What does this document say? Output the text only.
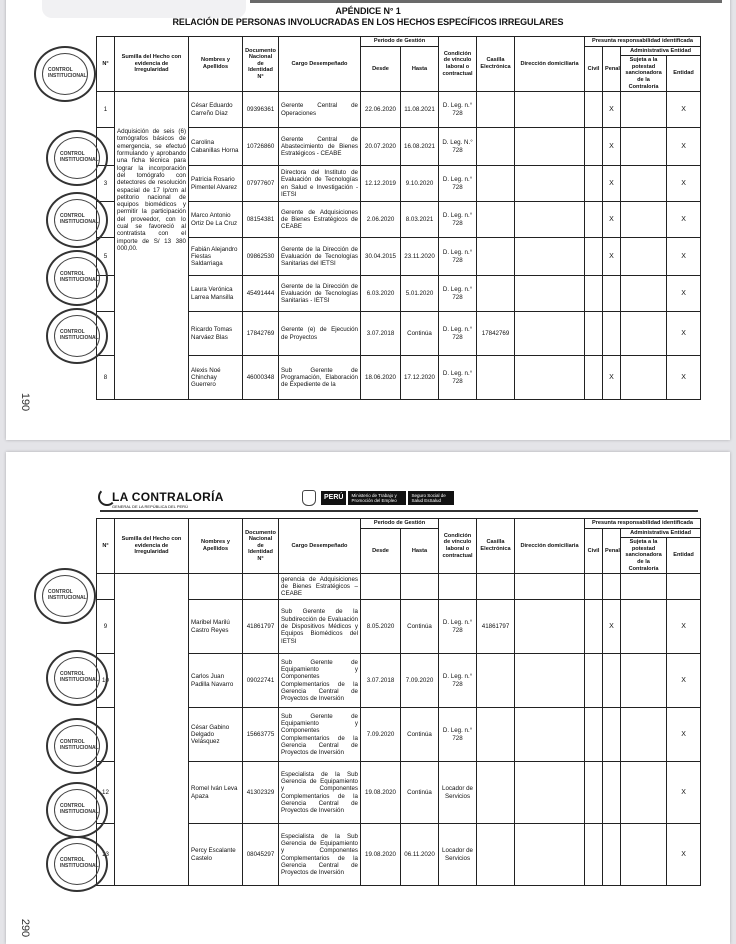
APÉNDICE N° 1
RELACIÓN DE PERSONAS INVOLUCRADAS EN LOS HECHOS ESPECÍFICOS IRREGULARES
N°	Sumilla del Hecho con evidencia de Irregularidad	Nombres y Apellidos	Documento Nacional de Identidad N°	Cargo Desempeñado	Periodo de Gestión		Condición de vínculo laboral o contractual	Casilla Electrónica	Dirección domiciliaria	Presunta responsabilidad identificada			
					Desde	Hasta				Civil	Penal	Administrativa Entidad	
												Sujeta a la potestad sancionadora de la Contraloría	Entidad
1	Adquisición de seis (6) tomógrafos básicos de emergencia, se efectuó formulando y aprobando una ficha técnica para lograr la incorporación del tomógrafo con detectores de resolución espacial de 17 lp/cm al petitorio nacional de equipos biomédicos y permitir la participación del proveedor, con lo cual se favoreció al contratista con el importe de S/ 13 380 000,00.	César Eduardo Carreño Díaz	09396361	Gerente Central de Operaciones	22.06.2020	11.08.2021	D. Leg. n.° 728				X		X
		Carolina Cabanillas Horna	10726860	Gerente Central de Abastecimiento de Bienes Estratégicos - CEABE	20.07.2020	16.08.2021	D. Leg. N.° 728				X		X
3		Patricia Rosario Pimentel Alvarez	07977607	Directora del Instituto de Evaluación de Tecnologías en Salud e Investigación - IETSI	12.12.2019	9.10.2020	D. Leg. n.° 728				X		X
		Marco Antonio Ortiz De La Cruz	08154381	Gerente de Adquisiciones de Bienes Estratégicos de CEABE	2.06.2020	8.03.2021	D. Leg. n.° 728				X		X
5		Fabián Alejandro Fiestas Saldarriaga	09862530	Gerente de la Dirección de Evaluación de Tecnologías Sanitarias del IETSI	30.04.2015	23.11.2020	D. Leg. n.° 728				X		X
		Laura Verónica Larrea Mansilla	45491444	Gerente de la Dirección de Evaluación de Tecnologías Sanitarias - IETSI	6.03.2020	5.01.2020	D. Leg. n.° 728						X
		Ricardo Tomas Narváez Blas	17842769	Gerente (e) de Ejecución de Proyectos	3.07.2018	Continúa	D. Leg. n.° 728	17842769					X
8		Alexis Noé Chinchay Guerrero	46000348	Sub Gerente de Programación, Elaboración de Expediente de la	18.06.2020	17.12.2020	D. Leg. n.° 728				X		X
190
CONTROL INSTITUCIONAL
CONTROL INSTITUCIONAL
CONTROL INSTITUCIONAL
CONTROL INSTITUCIONAL
CONTROL INSTITUCIONAL
LA CONTRALORÍA
GENERAL DE LA REPÚBLICA DEL PERÚ
PERÚ	Ministerio de Trabajo y Promoción del Empleo
Seguro Social de Salud EsSalud
N°	Sumilla del Hecho con evidencia de Irregularidad	Nombres y Apellidos	Documento Nacional de Identidad N°	Cargo Desempeñado	Periodo de Gestión		Condición de vínculo laboral o contractual	Casilla Electrónica	Dirección domiciliaria	Presunta responsabilidad identificada			
					Desde	Hasta				Civil	Penal	Administrativa Entidad	
												Sujeta a la potestad sancionadora de la Contraloría	Entidad
				gerencia de Adquisiciones de Bienes Estratégicos – CEABE									
9		Maribel Marilú Castro Reyes	41861797	Sub Gerente de la Subdirección de Evaluación de Dispositivos Médicos y Equipos Biomédicos del IETSI	8.05.2020	Continúa	D. Leg. n.° 728	41861797			X		X
10		Carlos Juan Padilla Navarro	09022741	Sub Gerente de Equipamiento y Componentes Complementarios de la Gerencia Central de Proyectos de Inversión	3.07.2018	7.09.2020	D. Leg. n.° 728						X
		César Gabino Delgado Velásquez	15663775	Sub Gerente de Equipamiento y Componentes Complementarios de la Gerencia Central de Proyectos de Inversión	7.09.2020	Continúa	D. Leg. n.° 728						X
12		Romel Iván Leva Apaza	41302329	Especialista de la Sub Gerencia de Equipamiento y Componentes Complementarios de la Gerencia Central de Proyectos de Inversión	19.08.2020	Continúa	Locador de Servicios						X
13		Percy Escalante Castelo	08045297	Especialista de la Sub Gerencia de Equipamiento y Componentes Complementarios de la Gerencia Central de Proyectos de Inversión	19.08.2020	06.11.2020	Locador de Servicios						X
290
CONTROL INSTITUCIONAL
CONTROL INSTITUCIONAL
CONTROL INSTITUCIONAL
CONTROL INSTITUCIONAL
CONTROL INSTITUCIONAL
